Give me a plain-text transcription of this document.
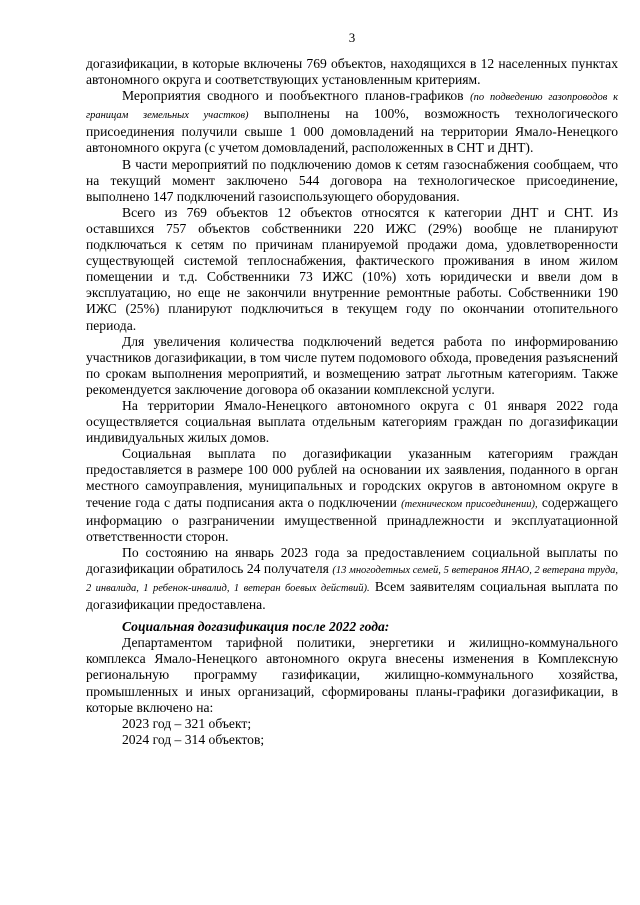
3

догазификации, в которые включены 769 объектов, находящихся в 12 населенных пунктах автономного округа и соответствующих установленным критериям.

Мероприятия сводного и пообъектного планов-графиков (по подведению газопроводов к границам земельных участков) выполнены на 100%, возможность технологического присоединения получили свыше 1 000 домовладений на территории Ямало-Ненецкого автономного округа (с учетом домовладений, расположенных в СНТ и ДНТ).

В части мероприятий по подключению домов к сетям газоснабжения сообщаем, что на текущий момент заключено 544 договора на технологическое присоединение, выполнено 147 подключений газоиспользующего оборудования.

Всего из 769 объектов 12 объектов относятся к категории ДНТ и СНТ. Из оставшихся 757 объектов собственники 220 ИЖС (29%) вообще не планируют подключаться к сетям по причинам планируемой продажи дома, удовлетворенности существующей системой теплоснабжения, фактического проживания в ином жилом помещении и т.д. Собственники 73 ИЖС (10%) хоть юридически и ввели дом в эксплуатацию, но еще не закончили внутренние ремонтные работы. Собственники 190 ИЖС (25%) планируют подключиться в текущем году по окончании отопительного периода.

Для увеличения количества подключений ведется работа по информированию участников догазификации, в том числе путем подомового обхода, проведения разъяснений по срокам выполнения мероприятий, и возмещению затрат льготным категориям. Также рекомендуется заключение договора об оказании комплексной услуги.

На территории Ямало-Ненецкого автономного округа с 01 января 2022 года осуществляется социальная выплата отдельным категориям граждан по догазификации индивидуальных жилых домов.

Социальная выплата по догазификации указанным категориям граждан предоставляется в размере 100 000 рублей на основании их заявления, поданного в орган местного самоуправления, муниципальных и городских округов в автономном округе в течение года с даты подписания акта о подключении (техническом присоединении), содержащего информацию о разграничении имущественной принадлежности и эксплуатационной ответственности сторон.

По состоянию на январь 2023 года за предоставлением социальной выплаты по догазификации обратилось 24 получателя (13 многодетных семей, 5 ветеранов ЯНАО, 2 ветерана труда, 2 инвалида, 1 ребенок-инвалид, 1 ветеран боевых действий). Всем заявителям социальная выплата по догазификации предоставлена.

Социальная догазификация после 2022 года:

Департаментом тарифной политики, энергетики и жилищно-коммунального комплекса Ямало-Ненецкого автономного округа внесены изменения в Комплексную региональную программу газификации, жилищно-коммунального хозяйства, промышленных и иных организаций, сформированы планы-графики догазификации, в которые включено на:

2023 год – 321 объект;

2024 год – 314 объектов;
